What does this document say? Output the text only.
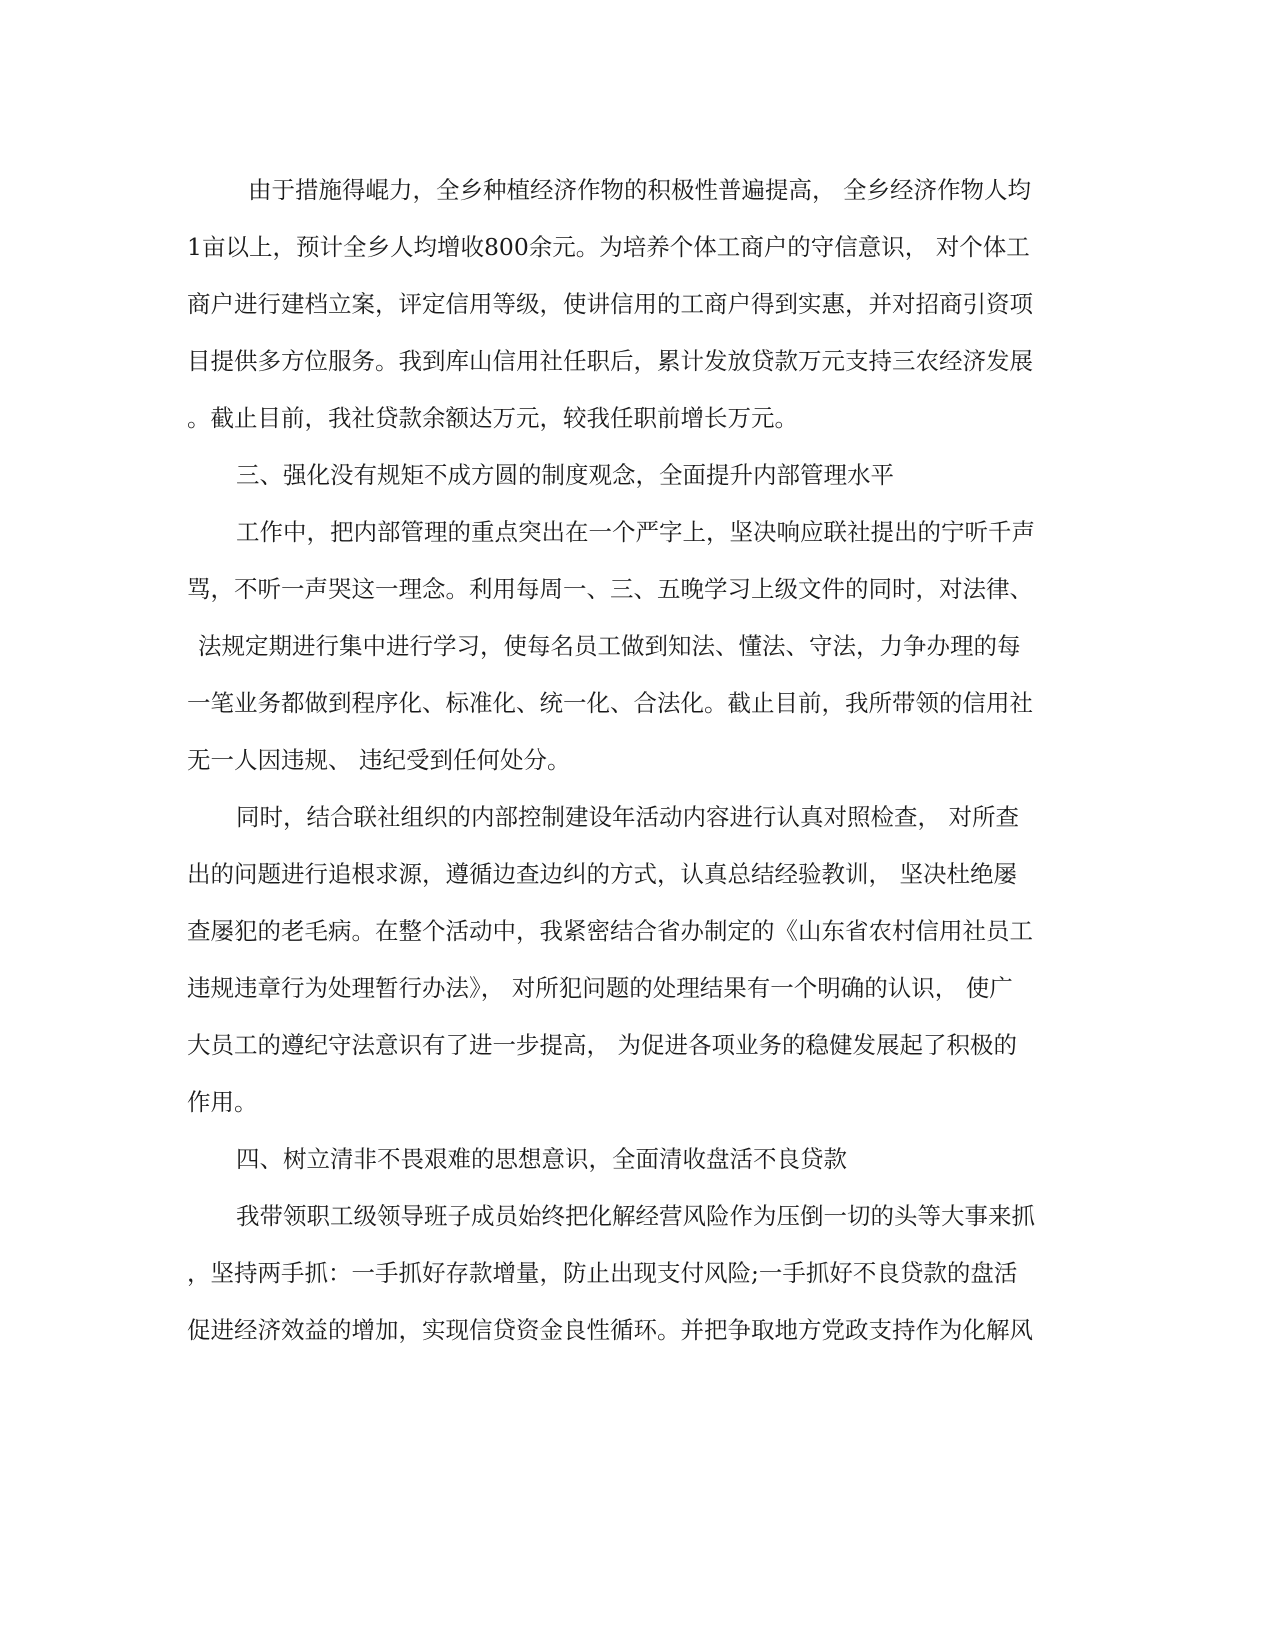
由于措施得崐力，全乡种植经济作物的积极性普遍提高， 全乡经济作物人均
1亩以上，预计全乡人均增收800余元。为培养个体工商户的守信意识， 对个体工
商户进行建档立案，评定信用等级，使讲信用的工商户得到实惠，并对招商引资项
目提供多方位服务。我到库山信用社任职后，累计发放贷款万元支持三农经济发展
。截止目前，我社贷款余额达万元，较我任职前增长万元。
三、强化没有规矩不成方圆的制度观念，全面提升内部管理水平
工作中，把内部管理的重点突出在一个严字上，坚决响应联社提出的宁听千声
骂，不听一声哭这一理念。利用每周一、三、五晚学习上级文件的同时，对法律、
法规定期进行集中进行学习，使每名员工做到知法、懂法、守法，力争办理的每
一笔业务都做到程序化、标准化、统一化、合法化。截止目前，我所带领的信用社
无一人因违规、 违纪受到任何处分。
同时，结合联社组织的内部控制建设年活动内容进行认真对照检查， 对所查
出的问题进行追根求源，遵循边查边纠的方式，认真总结经验教训， 坚决杜绝屡
查屡犯的老毛病。在整个活动中，我紧密结合省办制定的《山东省农村信用社员工
违规违章行为处理暂行办法》， 对所犯问题的处理结果有一个明确的认识， 使广
大员工的遵纪守法意识有了进一步提高， 为促进各项业务的稳健发展起了积极的
作用。
四、树立清非不畏艰难的思想意识，全面清收盘活不良贷款
我带领职工级领导班子成员始终把化解经营风险作为压倒一切的头等大事来抓
，坚持两手抓：一手抓好存款增量，防止出现支付风险;一手抓好不良贷款的盘活
促进经济效益的增加，实现信贷资金良性循环。并把争取地方党政支持作为化解风
